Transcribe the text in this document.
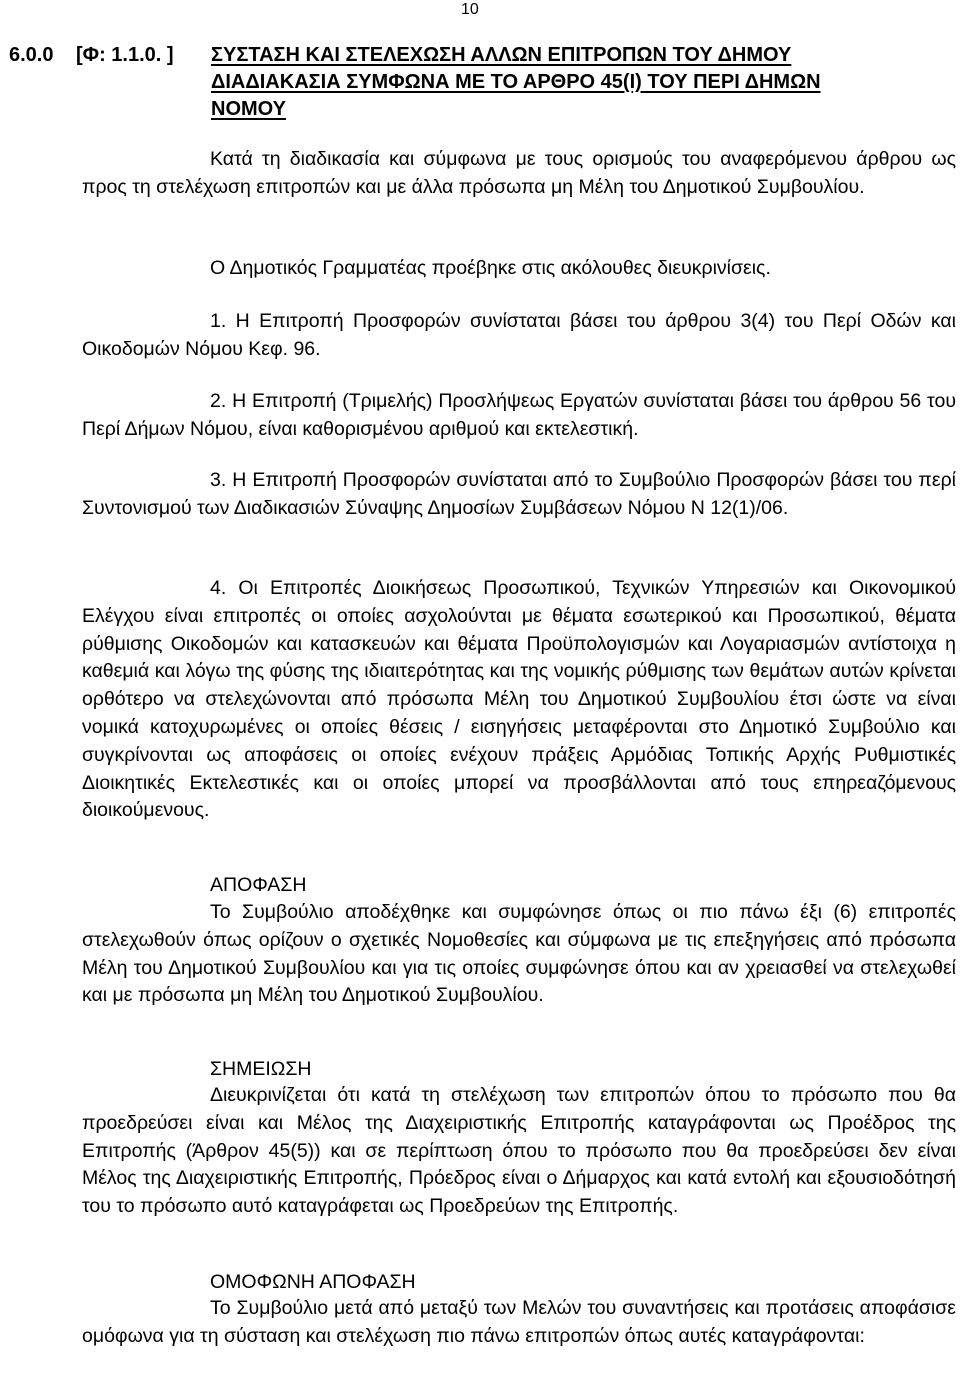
10
6.0.0 [Φ: 1.1.0. ] ΣΥΣΤΑΣΗ ΚΑΙ ΣΤΕΛΕΧΩΣΗ ΑΛΛΩΝ ΕΠΙΤΡΟΠΩΝ ΤΟΥ ΔΗΜΟΥ
ΔΙΑΔΙΑΚΑΣΙΑ ΣΥΜΦΩΝΑ ΜΕ ΤΟ ΑΡΘΡΟ 45(Ι) ΤΟΥ ΠΕΡΙ ΔΗΜΩΝ
ΝΟΜΟΥ

Κατά τη διαδικασία και σύμφωνα με τους ορισμούς του αναφερόμενου άρθρου ως προς τη στελέχωση επιτροπών και με άλλα πρόσωπα μη Μέλη του Δημοτικού Συμβουλίου.

Ο Δημοτικός Γραμματέας προέβηκε στις ακόλουθες διευκρινίσεις.

1. Η Επιτροπή Προσφορών συνίσταται βάσει του άρθρου 3(4) του Περί Οδών και Οικοδομών Νόμου Κεφ. 96.

2. Η Επιτροπή (Τριμελής) Προσλήψεως Εργατών συνίσταται βάσει του άρθρου 56 του Περί Δήμων Νόμου, είναι καθορισμένου αριθμού και εκτελεστική.

3. Η Επιτροπή Προσφορών συνίσταται από το Συμβούλιο Προσφορών βάσει του περί Συντονισμού των Διαδικασιών Σύναψης Δημοσίων Συμβάσεων Νόμου Ν 12(1)/06.

4. Οι Επιτροπές Διοικήσεως Προσωπικού, Τεχνικών Υπηρεσιών και Οικονομικού Ελέγχου είναι επιτροπές οι οποίες ασχολούνται με θέματα εσωτερικού και Προσωπικού, θέματα ρύθμισης Οικοδομών και κατασκευών και θέματα Προϋπολογισμών και Λογαριασμών αντίστοιχα η καθεμιά και λόγω της φύσης της ιδιαιτερότητας και της νομικής ρύθμισης των θεμάτων αυτών κρίνεται ορθότερο να στελεχώνονται από πρόσωπα Μέλη του Δημοτικού Συμβουλίου έτσι ώστε να είναι νομικά κατοχυρωμένες οι οποίες θέσεις / εισηγήσεις μεταφέρονται στο Δημοτικό Συμβούλιο και συγκρίνονται ως αποφάσεις οι οποίες ενέχουν πράξεις Αρμόδιας Τοπικής Αρχής Ρυθμιστικές Διοικητικές Εκτελεστικές και οι οποίες μπορεί να προσβάλλονται από τους επηρεαζόμενους διοικούμενους.

ΑΠΟΦΑΣΗ

Το Συμβούλιο αποδέχθηκε και συμφώνησε όπως οι πιο πάνω έξι (6) επιτροπές στελεχωθούν όπως ορίζουν ο σχετικές Νομοθεσίες και σύμφωνα με τις επεξηγήσεις από πρόσωπα Μέλη του Δημοτικού Συμβουλίου και για τις οποίες συμφώνησε όπου και αν χρειασθεί να στελεχωθεί και με πρόσωπα μη Μέλη του Δημοτικού Συμβουλίου.

ΣΗΜΕΙΩΣΗ

Διευκρινίζεται ότι κατά τη στελέχωση των επιτροπών όπου το πρόσωπο που θα προεδρεύσει είναι και Μέλος της Διαχειριστικής Επιτροπής καταγράφονται ως Προέδρος της Επιτροπής (Άρθρον 45(5)) και σε περίπτωση όπου το πρόσωπο που θα προεδρεύσει δεν είναι Μέλος της Διαχειριστικής Επιτροπής, Πρόεδρος είναι ο Δήμαρχος και κατά εντολή και εξουσιοδότησή του το πρόσωπο αυτό καταγράφεται ως Προεδρεύων της Επιτροπής.

ΟΜΟΦΩΝΗ ΑΠΟΦΑΣΗ

Το Συμβούλιο μετά από μεταξύ των Μελών του συναντήσεις και προτάσεις αποφάσισε ομόφωνα για τη σύσταση και στελέχωση πιο πάνω επιτροπών όπως αυτές καταγράφονται:
